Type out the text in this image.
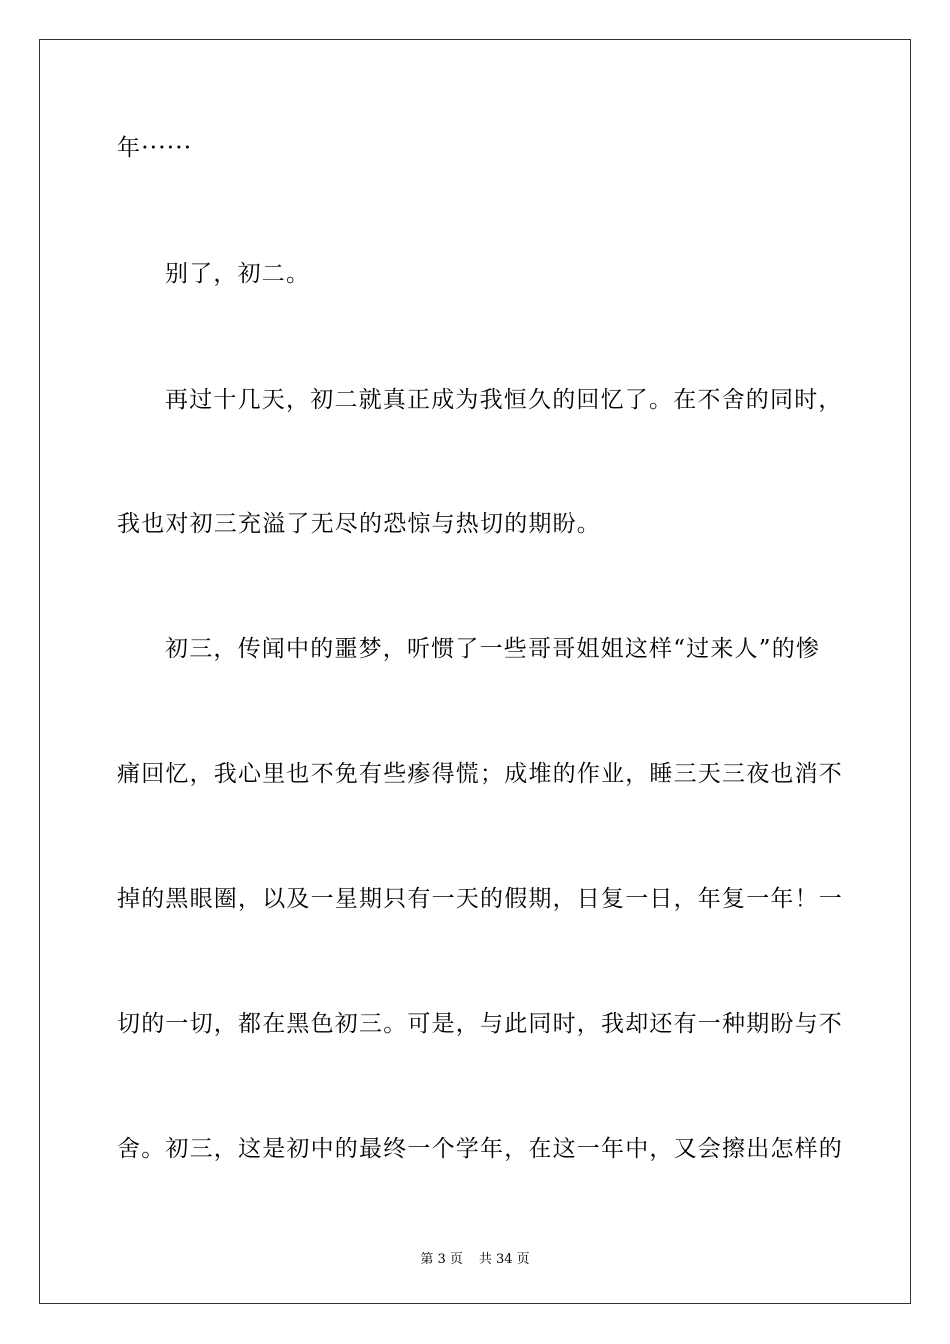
年······
别了，初二。
再过十几天，初二就真正成为我恒久的回忆了。在不舍的同时，
我也对初三充溢了无尽的恐惊与热切的期盼。
初三，传闻中的噩梦，听惯了一些哥哥姐姐这样“过来人”的惨
痛回忆，我心里也不免有些瘆得慌；成堆的作业，睡三天三夜也消不
掉的黑眼圈，以及一星期只有一天的假期，日复一日，年复一年！一
切的一切，都在黑色初三。可是，与此同时，我却还有一种期盼与不
舍。初三，这是初中的最终一个学年，在这一年中，又会擦出怎样的
第 3 页 共 34 页
